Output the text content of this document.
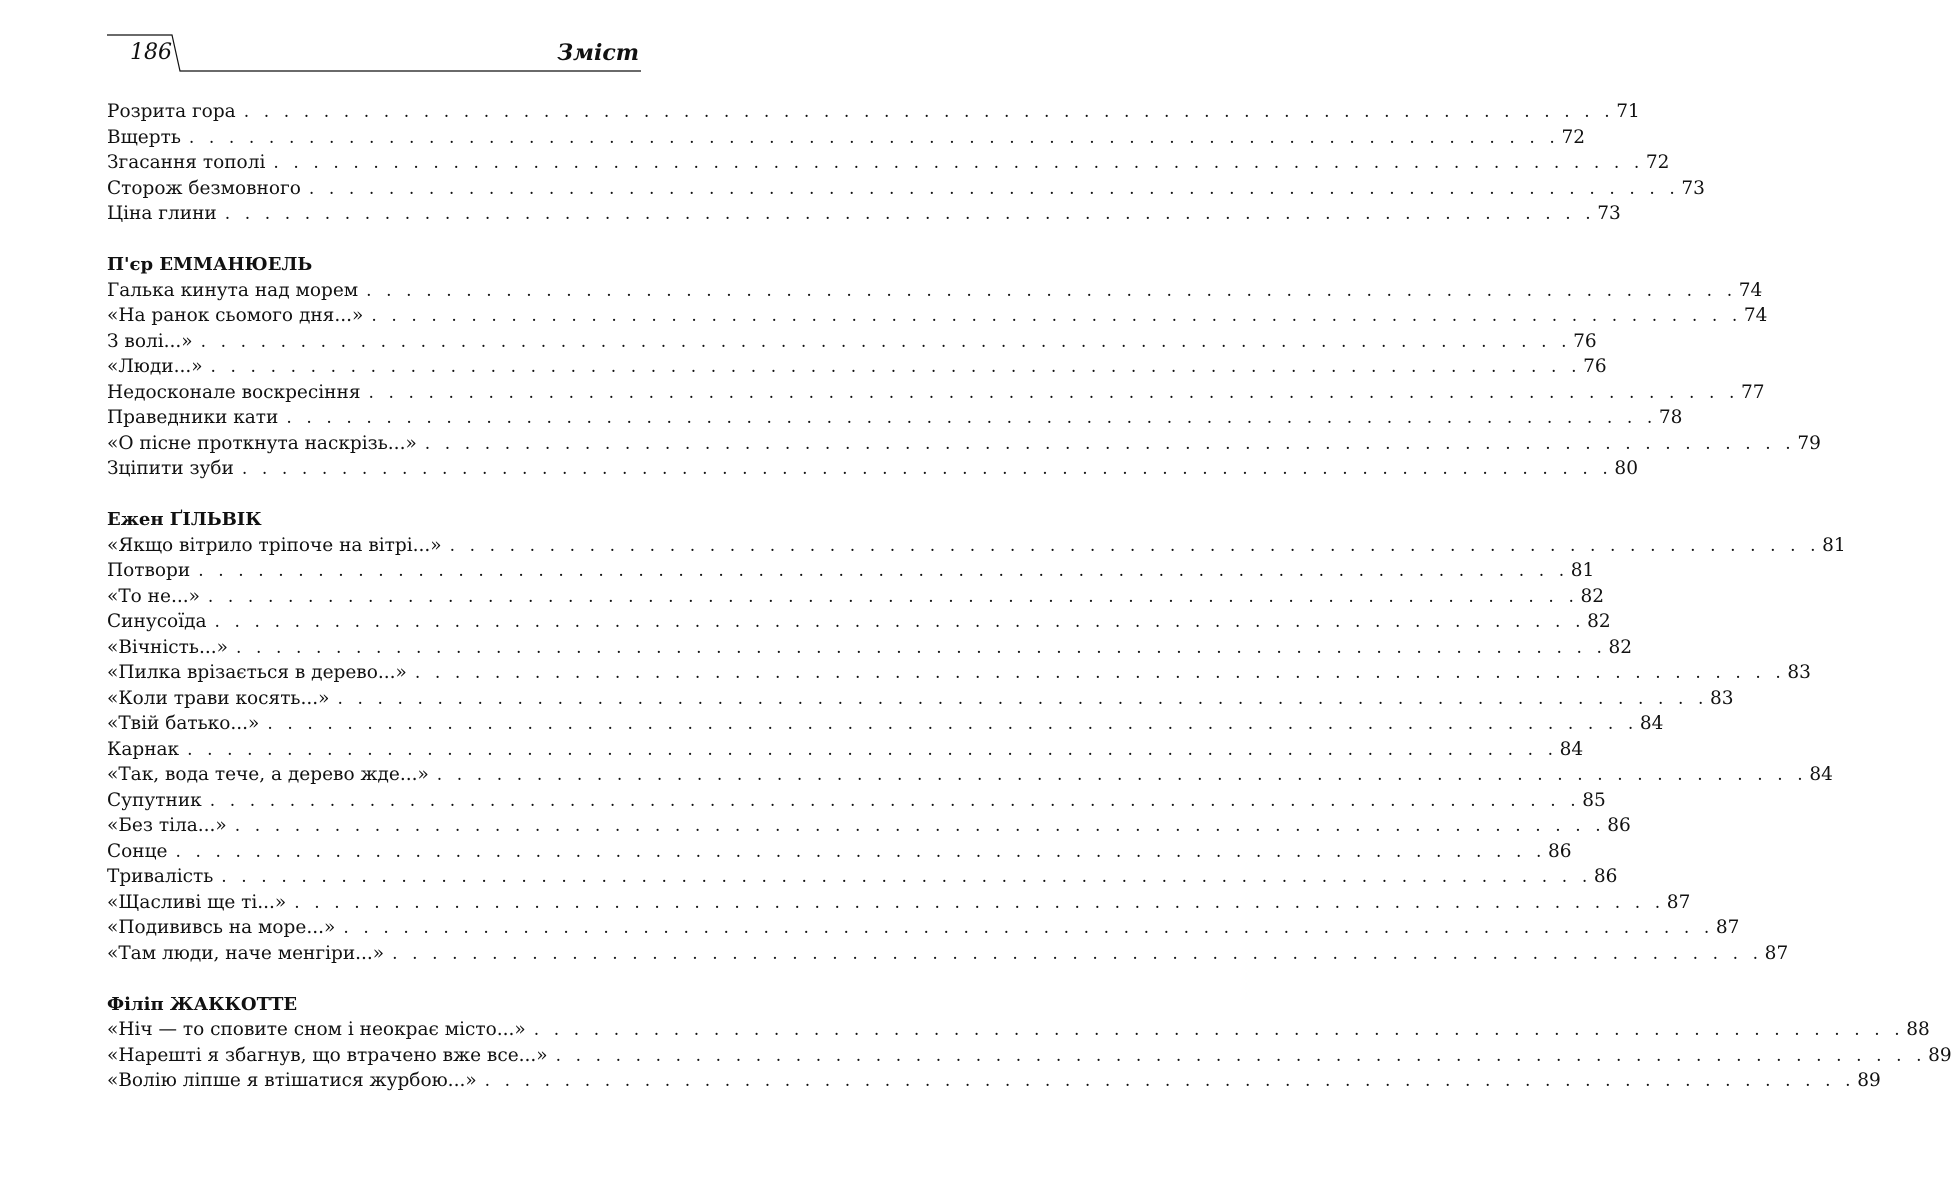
186	Зміст
Розрита гора . . . . . . . . . . . . . . . . . . . . . . . . . . . . . . . . . . . . . . . . . . . . . . . . . . . . . . . . . . . . . . . . . . . . . 71
Вщерть . . . . . . . . . . . . . . . . . . . . . . . . . . . . . . . . . . . . . . . . . . . . . . . . . . . . . . . . . . . . . . . . . . . . . 72
Згасання тополі . . . . . . . . . . . . . . . . . . . . . . . . . . . . . . . . . . . . . . . . . . . . . . . . . . . . . . . . . . . . . . . . . . . . . 72
Сторож безмовного . . . . . . . . . . . . . . . . . . . . . . . . . . . . . . . . . . . . . . . . . . . . . . . . . . . . . . . . . . . . . . . . . . . . . 73
Ціна глини . . . . . . . . . . . . . . . . . . . . . . . . . . . . . . . . . . . . . . . . . . . . . . . . . . . . . . . . . . . . . . . . . . . . . 73
П'єр ЕММАНЮЕЛЬ
Галька кинута над морем . . . . . . . . . . . . . . . . . . . . . . . . . . . . . . . . . . . . . . . . . . . . . . . . . . . . . . . . . . . . . . . . . . . . . 74
«На ранок сьомого дня...» . . . . . . . . . . . . . . . . . . . . . . . . . . . . . . . . . . . . . . . . . . . . . . . . . . . . . . . . . . . . . . . . . . . . . 74
З волі...» . . . . . . . . . . . . . . . . . . . . . . . . . . . . . . . . . . . . . . . . . . . . . . . . . . . . . . . . . . . . . . . . . . . . . 76
«Люди...» . . . . . . . . . . . . . . . . . . . . . . . . . . . . . . . . . . . . . . . . . . . . . . . . . . . . . . . . . . . . . . . . . . . . . 76
Недосконале воскресіння . . . . . . . . . . . . . . . . . . . . . . . . . . . . . . . . . . . . . . . . . . . . . . . . . . . . . . . . . . . . . . . . . . . . . 77
Праведники кати . . . . . . . . . . . . . . . . . . . . . . . . . . . . . . . . . . . . . . . . . . . . . . . . . . . . . . . . . . . . . . . . . . . . . 78
«О пісне проткнута наскрізь...» . . . . . . . . . . . . . . . . . . . . . . . . . . . . . . . . . . . . . . . . . . . . . . . . . . . . . . . . . . . . . . . . . . . . . 79
Зціпити зуби . . . . . . . . . . . . . . . . . . . . . . . . . . . . . . . . . . . . . . . . . . . . . . . . . . . . . . . . . . . . . . . . . . . . . 80
Ежен ҐІЛЬВІК
«Якщо вітрило тріпоче на вітрі...» . . . . . . . . . . . . . . . . . . . . . . . . . . . . . . . . . . . . . . . . . . . . . . . . . . . . . . . . . . . . . . . . . . . . . 81
Потвори . . . . . . . . . . . . . . . . . . . . . . . . . . . . . . . . . . . . . . . . . . . . . . . . . . . . . . . . . . . . . . . . . . . . . 81
«То не...» . . . . . . . . . . . . . . . . . . . . . . . . . . . . . . . . . . . . . . . . . . . . . . . . . . . . . . . . . . . . . . . . . . . . . 82
Синусоїда . . . . . . . . . . . . . . . . . . . . . . . . . . . . . . . . . . . . . . . . . . . . . . . . . . . . . . . . . . . . . . . . . . . . . 82
«Вічність...» . . . . . . . . . . . . . . . . . . . . . . . . . . . . . . . . . . . . . . . . . . . . . . . . . . . . . . . . . . . . . . . . . . . . . 82
«Пилка врізається в дерево...» . . . . . . . . . . . . . . . . . . . . . . . . . . . . . . . . . . . . . . . . . . . . . . . . . . . . . . . . . . . . . . . . . . . . . 83
«Коли трави косять...» . . . . . . . . . . . . . . . . . . . . . . . . . . . . . . . . . . . . . . . . . . . . . . . . . . . . . . . . . . . . . . . . . . . . . 83
«Твій батько...» . . . . . . . . . . . . . . . . . . . . . . . . . . . . . . . . . . . . . . . . . . . . . . . . . . . . . . . . . . . . . . . . . . . . . 84
Карнак . . . . . . . . . . . . . . . . . . . . . . . . . . . . . . . . . . . . . . . . . . . . . . . . . . . . . . . . . . . . . . . . . . . . . 84
«Так, вода тече, а дерево жде...» . . . . . . . . . . . . . . . . . . . . . . . . . . . . . . . . . . . . . . . . . . . . . . . . . . . . . . . . . . . . . . . . . . . . . 84
Супутник . . . . . . . . . . . . . . . . . . . . . . . . . . . . . . . . . . . . . . . . . . . . . . . . . . . . . . . . . . . . . . . . . . . . . 85
«Без тіла...» . . . . . . . . . . . . . . . . . . . . . . . . . . . . . . . . . . . . . . . . . . . . . . . . . . . . . . . . . . . . . . . . . . . . . 86
Сонце . . . . . . . . . . . . . . . . . . . . . . . . . . . . . . . . . . . . . . . . . . . . . . . . . . . . . . . . . . . . . . . . . . . . . 86
Тривалість . . . . . . . . . . . . . . . . . . . . . . . . . . . . . . . . . . . . . . . . . . . . . . . . . . . . . . . . . . . . . . . . . . . . . 86
«Щасливі ще ті...» . . . . . . . . . . . . . . . . . . . . . . . . . . . . . . . . . . . . . . . . . . . . . . . . . . . . . . . . . . . . . . . . . . . . . 87
«Подививсь на море...» . . . . . . . . . . . . . . . . . . . . . . . . . . . . . . . . . . . . . . . . . . . . . . . . . . . . . . . . . . . . . . . . . . . . . 87
«Там люди, наче менгіри...» . . . . . . . . . . . . . . . . . . . . . . . . . . . . . . . . . . . . . . . . . . . . . . . . . . . . . . . . . . . . . . . . . . . . . 87
Філіп ЖАККОТТЕ
«Ніч — то сповите сном і неокрає місто...» . . . . . . . . . . . . . . . . . . . . . . . . . . . . . . . . . . . . . . . . . . . . . . . . . . . . . . . . . . . . . . . . . . . . . 88
«Нарешті я збагнув, що втрачено вже все...» . . . . . . . . . . . . . . . . . . . . . . . . . . . . . . . . . . . . . . . . . . . . . . . . . . . . . . . . . . . . . . . . . . . . . 89
«Волію ліпше я втішатися журбою...» . . . . . . . . . . . . . . . . . . . . . . . . . . . . . . . . . . . . . . . . . . . . . . . . . . . . . . . . . . . . . . . . . . . . . 89
